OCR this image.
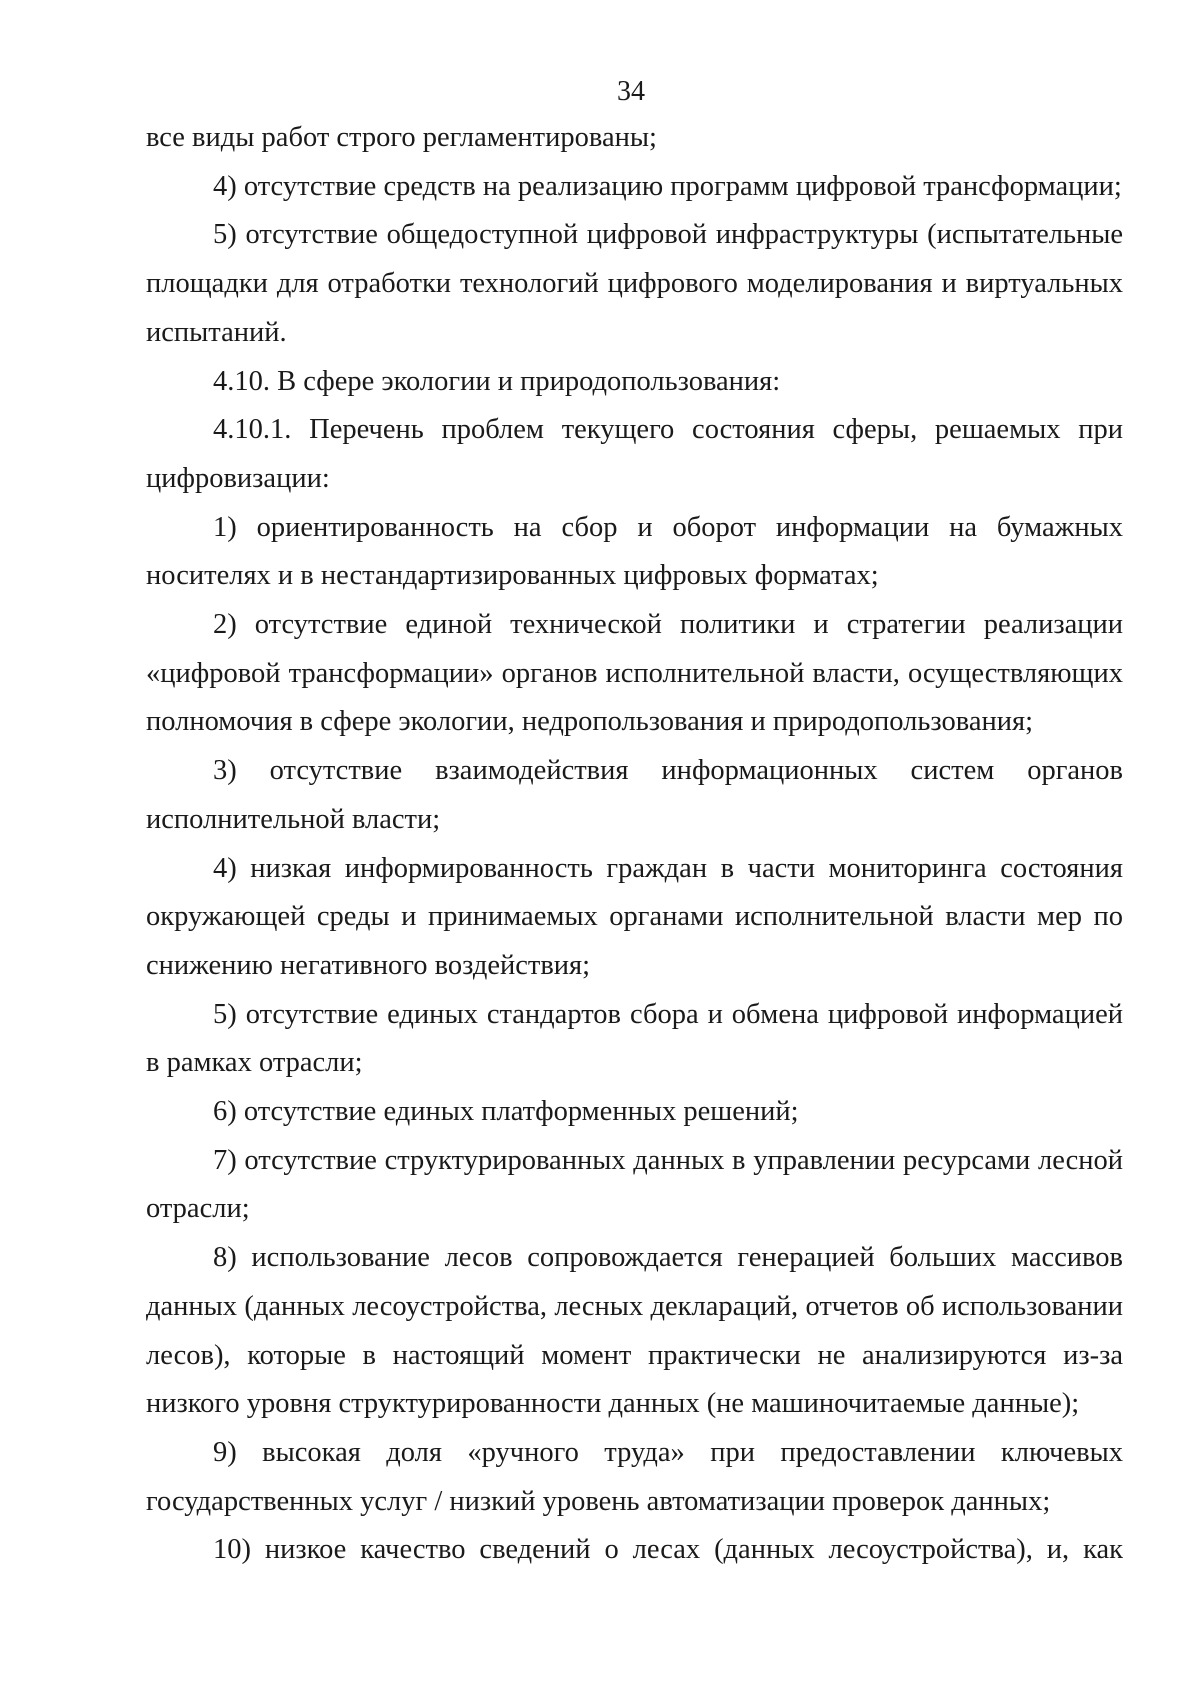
34

все виды работ строго регламентированы;

4) отсутствие средств на реализацию программ цифровой трансформации;

5) отсутствие общедоступной цифровой инфраструктуры (испытательные площадки для отработки технологий цифрового моделирования и виртуальных испытаний.

4.10. В сфере экологии и природопользования:

4.10.1. Перечень проблем текущего состояния сферы, решаемых при цифровизации:

1) ориентированность на сбор и оборот информации на бумажных носителях и в нестандартизированных цифровых форматах;

2) отсутствие единой технической политики и стратегии реализации «цифровой трансформации» органов исполнительной власти, осуществляющих полномочия в сфере экологии, недропользования и природопользования;

3) отсутствие взаимодействия информационных систем органов исполнительной власти;

4) низкая информированность граждан в части мониторинга состояния окружающей среды и принимаемых органами исполнительной власти мер по снижению негативного воздействия;

5) отсутствие единых стандартов сбора и обмена цифровой информацией в рамках отрасли;

6) отсутствие единых платформенных решений;

7) отсутствие структурированных данных в управлении ресурсами лесной отрасли;

8) использование лесов сопровождается генерацией больших массивов данных (данных лесоустройства, лесных деклараций, отчетов об использовании лесов), которые в настоящий момент практически не анализируются из-за низкого уровня структурированности данных (не машиночитаемые данные);

9) высокая доля «ручного труда» при предоставлении ключевых государственных услуг / низкий уровень автоматизации проверок данных;

10) низкое качество сведений о лесах (данных лесоустройства), и, как
